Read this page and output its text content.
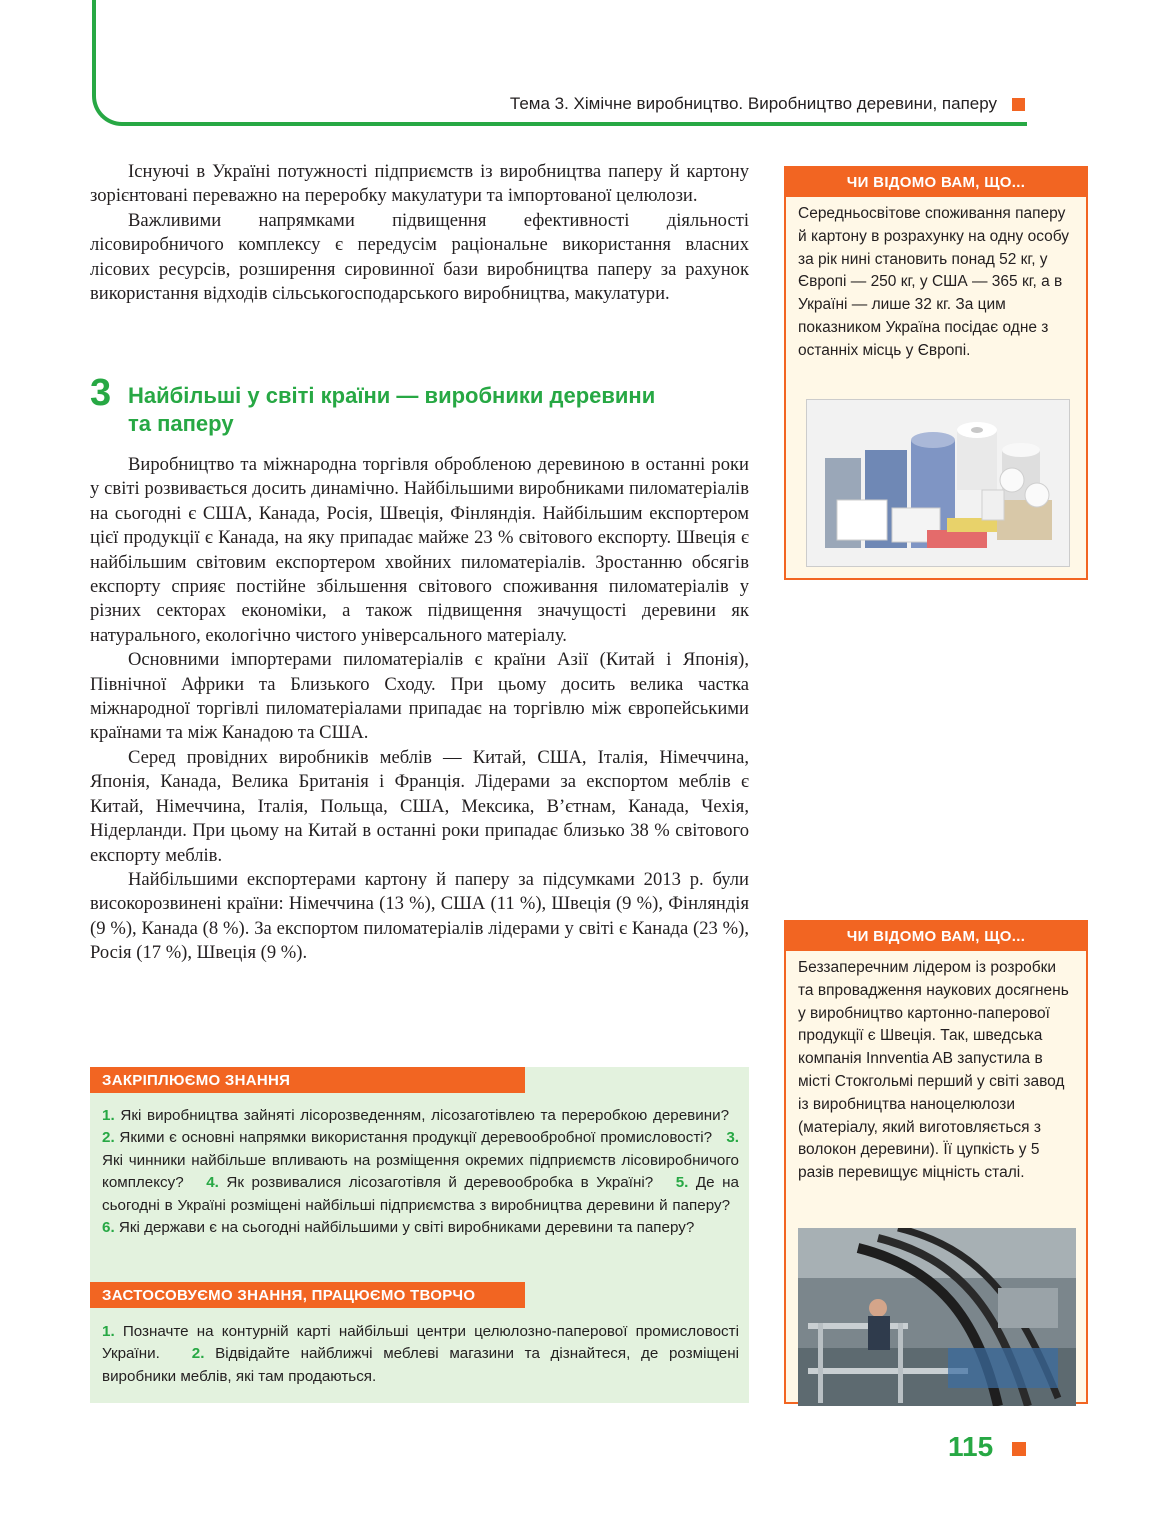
Тема 3. Хімічне виробництво. Виробництво деревини, паперу

Існуючі в Україні потужності підприємств із виробництва паперу й картону зорієнтовані переважно на переробку макулатури та імпортованої целюлози.

Важливими напрямками підвищення ефективності діяльності лісовиробничого комплексу є передусім раціональне використання власних лісових ресурсів, розширення сировинної бази виробництва паперу за рахунок використання відходів сільськогосподарського виробництва, макулатури.

3 Найбільші у світі країни — виробники деревини
та паперу

Виробництво та міжнародна торгівля обробленою деревиною в останні роки у світі розвивається досить динамічно. Найбільшими виробниками пиломатеріалів на сьогодні є США, Канада, Росія, Швеція, Фінляндія. Найбільшим експортером цієї продукції є Канада, на яку припадає майже 23 % світового експорту. Швеція є найбільшим світовим експортером хвойних пиломатеріалів. Зростанню обсягів експорту сприяє постійне збільшення світового споживання пиломатеріалів у різних секторах економіки, а також підвищення значущості деревини як натурального, екологічно чистого універсального матеріалу.

Основними імпортерами пиломатеріалів є країни Азії (Китай і Японія), Північної Африки та Близького Сходу. При цьому досить велика частка міжнародної торгівлі пиломатеріалами припадає на торгівлю між європейськими країнами та між Канадою та США.

Серед провідних виробників меблів — Китай, США, Італія, Німеччина, Японія, Канада, Велика Британія і Франція. Лідерами за експортом меблів є Китай, Німеччина, Італія, Польща, США, Мексика, В’єтнам, Канада, Чехія, Нідерланди. При цьому на Китай в останні роки припадає близько 38 % світового експорту меблів.

Найбільшими експортерами картону й паперу за підсумками 2013 р. були високорозвинені країни: Німеччина (13 %), США (11 %), Швеція (9 %), Фінляндія (9 %), Канада (8 %). За експортом пиломатеріалів лідерами у світі є Канада (23 %), Росія (17 %), Швеція (9 %).

ЧИ ВІДОМО ВАМ, ЩО...
Середньосвітове споживання паперу й картону в розрахунку на одну особу за рік нині становить понад 52 кг, у Європі — 250 кг, у США — 365 кг, а в Україні — лише 32 кг. За цим показником Україна посідає одне з останніх місць у Європі.
ЧИ ВІДОМО ВАМ, ЩО...
Беззаперечним лідером із розробки та впровадження наукових досягнень у виробництво картонно-паперової продукції є Швеція. Так, шведська компанія Innventia AB запустила в місті Стокгольмі перший у світі завод із виробництва наноцелюлози (матеріалу, який виготовляється з волокон деревини). Її цупкість у 5 разів перевищує міцність сталі.
ЗАКРІПЛЮЄМО ЗНАННЯ
1. Які виробництва зайняті лісорозведенням, лісозаготівлею та переробкою деревини?   2. Якими є основні напрямки використання продукції деревообробної промисловості? 3. Які чинники найбільше впливають на розміщення окремих підприємств лісовиробничого комплексу? 4. Як розвивалися лісозаготівля й деревообробка в Україні? 5. Де на сьогодні в Україні розміщені найбільші підприємства з виробництва деревини й паперу?   6. Які держави є на сьогодні найбільшими у світі виробниками деревини та паперу?
ЗАСТОСОВУЄМО ЗНАННЯ, ПРАЦЮЄМО ТВОРЧО
1. Позначте на контурній карті найбільші центри целюлозно-паперової промисловості України. 2. Відвідайте найближчі меблеві магазини та дізнайтеся, де розміщені виробники меблів, які там продаються.
115
